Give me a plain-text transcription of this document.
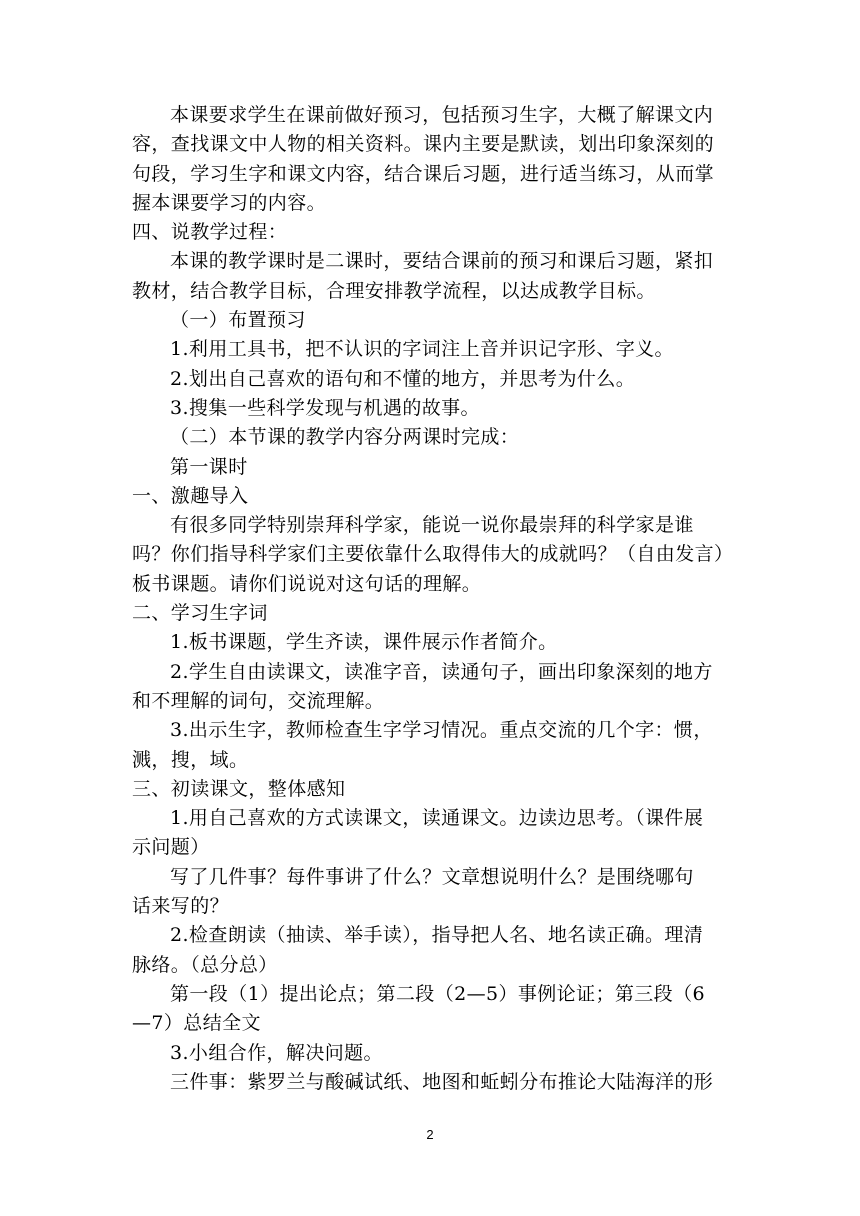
本课要求学生在课前做好预习，包括预习生字，大概了解课文内
容，查找课文中人物的相关资料。课内主要是默读，划出印象深刻的
句段，学习生字和课文内容，结合课后习题，进行适当练习，从而掌
握本课要学习的内容。
四、说教学过程：
本课的教学课时是二课时，要结合课前的预习和课后习题，紧扣
教材，结合教学目标，合理安排教学流程，以达成教学目标。
（一）布置预习
1.利用工具书，把不认识的字词注上音并识记字形、字义。
2.划出自己喜欢的语句和不懂的地方，并思考为什么。
3.搜集一些科学发现与机遇的故事。
（二）本节课的教学内容分两课时完成：
第一课时
一、激趣导入
有很多同学特别崇拜科学家，能说一说你最崇拜的科学家是谁
吗？你们指导科学家们主要依靠什么取得伟大的成就吗？（自由发言）
板书课题。请你们说说对这句话的理解。
二、学习生字词
1.板书课题，学生齐读，课件展示作者简介。
2.学生自由读课文，读准字音，读通句子，画出印象深刻的地方
和不理解的词句，交流理解。
3.出示生字，教师检查生字学习情况。重点交流的几个字：惯，
溅，搜，域。
三、初读课文，整体感知
1.用自己喜欢的方式读课文，读通课文。边读边思考。（课件展
示问题）
写了几件事？每件事讲了什么？文章想说明什么？是围绕哪句
话来写的？
2.检查朗读（抽读、举手读），指导把人名、地名读正确。理清
脉络。（总分总）
第一段（1）提出论点；第二段（2—5）事例论证；第三段（6
—7）总结全文
3.小组合作，解决问题。
三件事：紫罗兰与酸碱试纸、地图和蚯蚓分布推论大陆海洋的形
2
